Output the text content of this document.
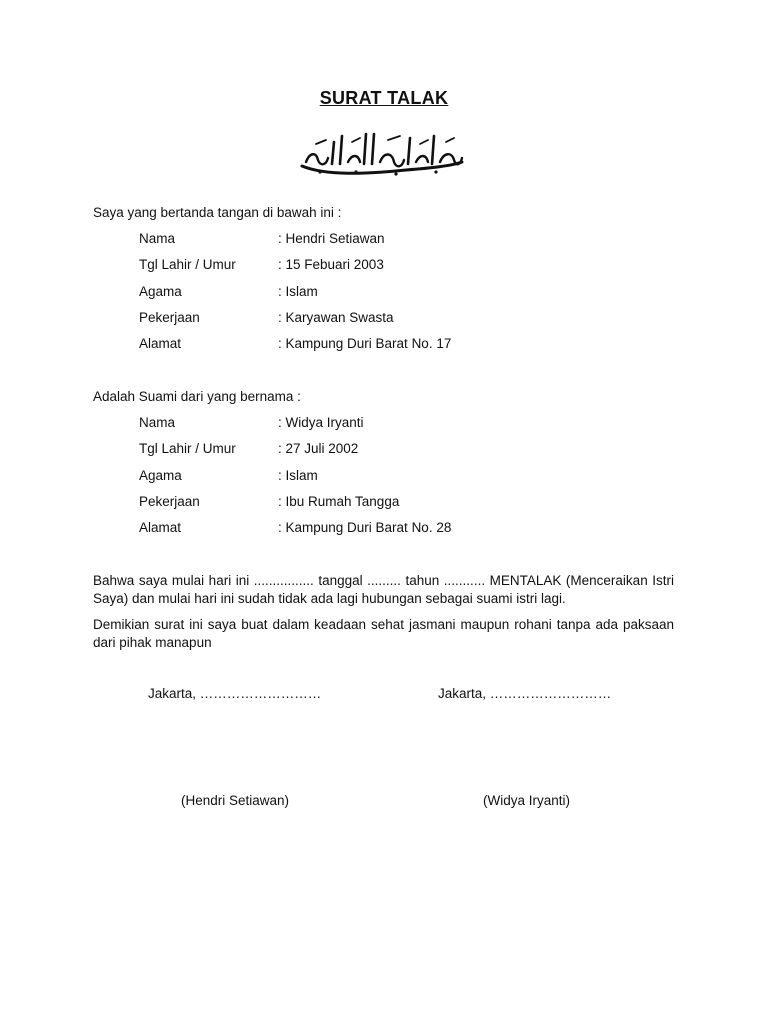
SURAT TALAK
Saya yang bertanda tangan di bawah ini :
Nama	: Hendri Setiawan
Tgl Lahir / Umur	: 15 Febuari 2003
Agama	: Islam
Pekerjaan	: Karyawan Swasta
Alamat	: Kampung Duri Barat No. 17
Adalah Suami dari yang bernama :
Nama	: Widya Iryanti
Tgl Lahir / Umur	: 27 Juli 2002
Agama	: Islam
Pekerjaan	: Ibu Rumah Tangga
Alamat	: Kampung Duri Barat No. 28
Bahwa saya mulai hari ini ................ tanggal ......... tahun ........... MENTALAK (Menceraikan Istri Saya) dan mulai hari ini sudah tidak ada lagi hubungan sebagai suami istri lagi.
Demikian surat ini saya buat dalam keadaan sehat jasmani maupun rohani tanpa ada paksaan dari pihak manapun
Jakarta, ………………………	Jakarta, ………………………
(Hendri Setiawan)	(Widya Iryanti)
